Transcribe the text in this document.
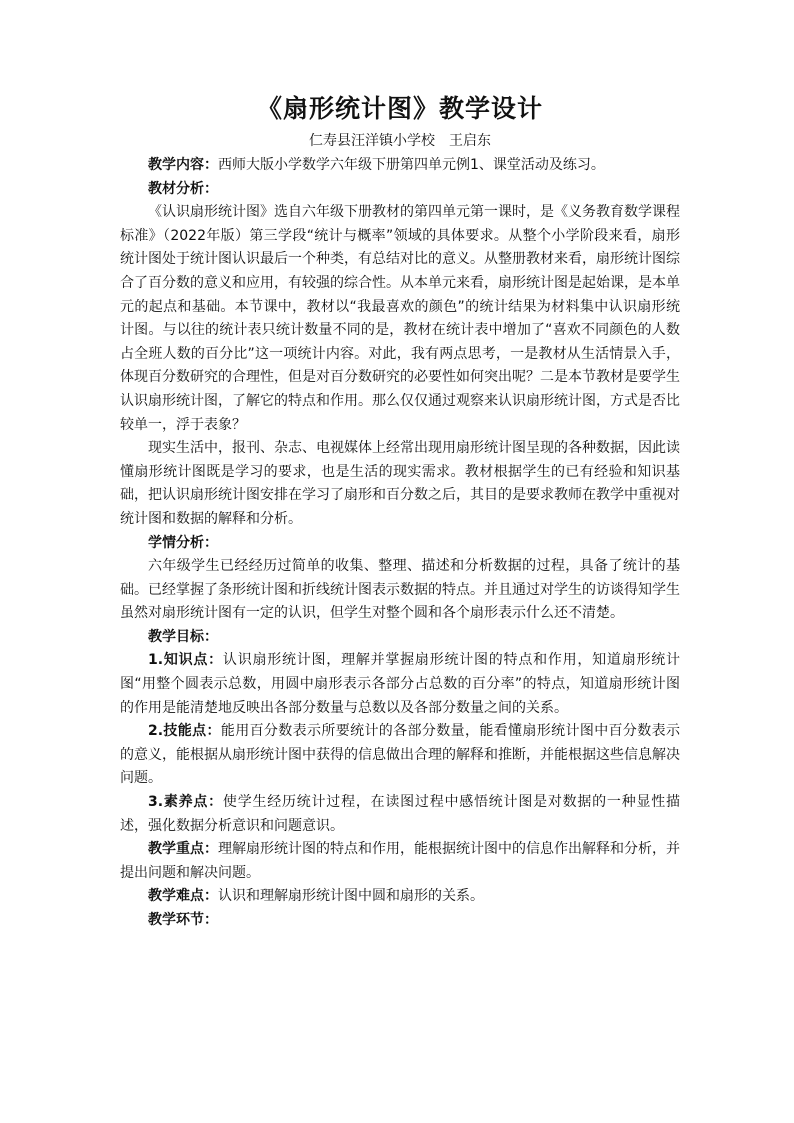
《扇形统计图》教学设计
仁寿县汪洋镇小学校 王启东

教学内容：西师大版小学数学六年级下册第四单元例1、课堂活动及练习。

教材分析：

《认识扇形统计图》选自六年级下册教材的第四单元第一课时，是《义务教育数学课程标准》（2022年版）第三学段“统计与概率”领域的具体要求。从整个小学阶段来看，扇形统计图处于统计图认识最后一个种类，有总结对比的意义。从整册教材来看，扇形统计图综合了百分数的意义和应用，有较强的综合性。从本单元来看，扇形统计图是起始课，是本单元的起点和基础。本节课中，教材以“我最喜欢的颜色”的统计结果为材料集中认识扇形统计图。与以往的统计表只统计数量不同的是，教材在统计表中增加了“喜欢不同颜色的人数占全班人数的百分比”这一项统计内容。对此，我有两点思考，一是教材从生活情景入手，体现百分数研究的合理性，但是对百分数研究的必要性如何突出呢？二是本节教材是要学生认识扇形统计图，了解它的特点和作用。那么仅仅通过观察来认识扇形统计图，方式是否比较单一，浮于表象？

现实生活中，报刊、杂志、电视媒体上经常出现用扇形统计图呈现的各种数据，因此读懂扇形统计图既是学习的要求，也是生活的现实需求。教材根据学生的已有经验和知识基础，把认识扇形统计图安排在学习了扇形和百分数之后，其目的是要求教师在教学中重视对统计图和数据的解释和分析。

学情分析：

六年级学生已经经历过简单的收集、整理、描述和分析数据的过程，具备了统计的基础。已经掌握了条形统计图和折线统计图表示数据的特点。并且通过对学生的访谈得知学生虽然对扇形统计图有一定的认识，但学生对整个圆和各个扇形表示什么还不清楚。

教学目标：

1.知识点：认识扇形统计图，理解并掌握扇形统计图的特点和作用，知道扇形统计图“用整个圆表示总数，用圆中扇形表示各部分占总数的百分率”的特点，知道扇形统计图的作用是能清楚地反映出各部分数量与总数以及各部分数量之间的关系。

2.技能点：能用百分数表示所要统计的各部分数量，能看懂扇形统计图中百分数表示的意义，能根据从扇形统计图中获得的信息做出合理的解释和推断，并能根据这些信息解决问题。

3.素养点：使学生经历统计过程，在读图过程中感悟统计图是对数据的一种显性描述，强化数据分析意识和问题意识。

教学重点：理解扇形统计图的特点和作用，能根据统计图中的信息作出解释和分析，并提出问题和解决问题。

教学难点：认识和理解扇形统计图中圆和扇形的关系。

教学环节：
